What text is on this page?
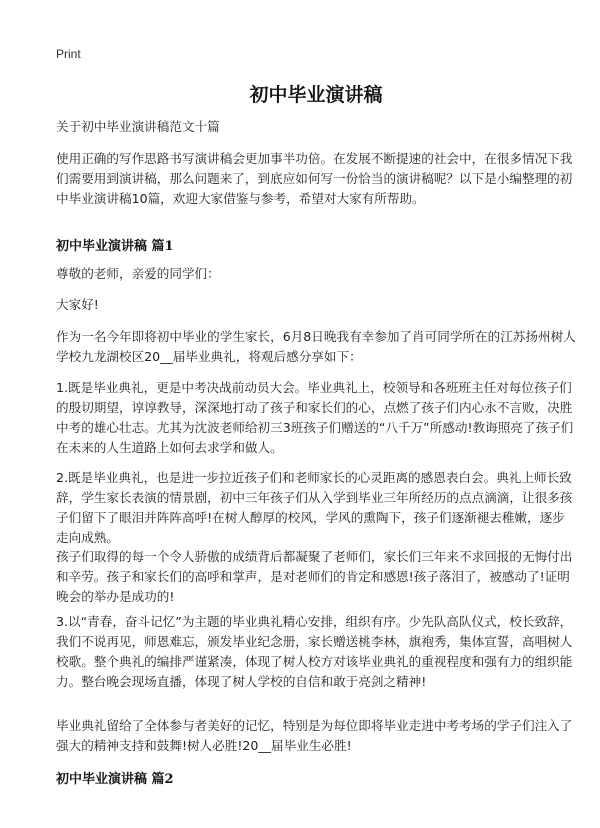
Print
初中毕业演讲稿

关于初中毕业演讲稿范文十篇

使用正确的写作思路书写演讲稿会更加事半功倍。在发展不断提速的社会中，在很多情况下我们需要用到演讲稿，那么问题来了，到底应如何写一份恰当的演讲稿呢？以下是小编整理的初中毕业演讲稿10篇，欢迎大家借鉴与参考，希望对大家有所帮助。

初中毕业演讲稿 篇1

尊敬的老师，亲爱的同学们：

大家好!

作为一名今年即将初中毕业的学生家长，6月8日晚我有幸参加了肖可同学所在的江苏扬州树人学校九龙湖校区20__届毕业典礼，将观后感分享如下：

1.既是毕业典礼，更是中考决战前动员大会。毕业典礼上，校领导和各班班主任对每位孩子们的殷切期望，谆谆教导，深深地打动了孩子和家长们的心，点燃了孩子们内心永不言败，决胜中考的雄心壮志。尤其为沈波老师给初三3班孩子们赠送的“八千万”所感动!教诲照亮了孩子们在未来的人生道路上如何去求学和做人。

2.既是毕业典礼，也是进一步拉近孩子们和老师家长的心灵距离的感恩表白会。典礼上师长致辞，学生家长表演的情景剧，初中三年孩子们从入学到毕业三年所经历的点点滴滴，让很多孩子们留下了眼泪并阵阵高呼!在树人醇厚的校风，学风的熏陶下，孩子们逐渐褪去稚嫩，逐步走向成熟。

孩子们取得的每一个令人骄傲的成绩背后都凝聚了老师们，家长们三年来不求回报的无悔付出和辛劳。孩子和家长们的高呼和掌声，是对老师们的肯定和感恩!孩子落泪了，被感动了!证明晚会的举办是成功的!

3.以“青春，奋斗记忆”为主题的毕业典礼精心安排，组织有序。少先队高队仪式，校长致辞，我们不说再见，师恩难忘，颁发毕业纪念册，家长赠送桃李林，旗袍秀，集体宣誓，高唱树人校歌。整个典礼的编排严谨紧凑，体现了树人校方对该毕业典礼的重视程度和强有力的组织能力。整台晚会现场直播，体现了树人学校的自信和敢于亮剑之精神!

毕业典礼留给了全体参与者美好的记忆，特别是为每位即将毕业走进中考考场的学子们注入了强大的精神支持和鼓舞!树人必胜!20__届毕业生必胜!

初中毕业演讲稿 篇2
